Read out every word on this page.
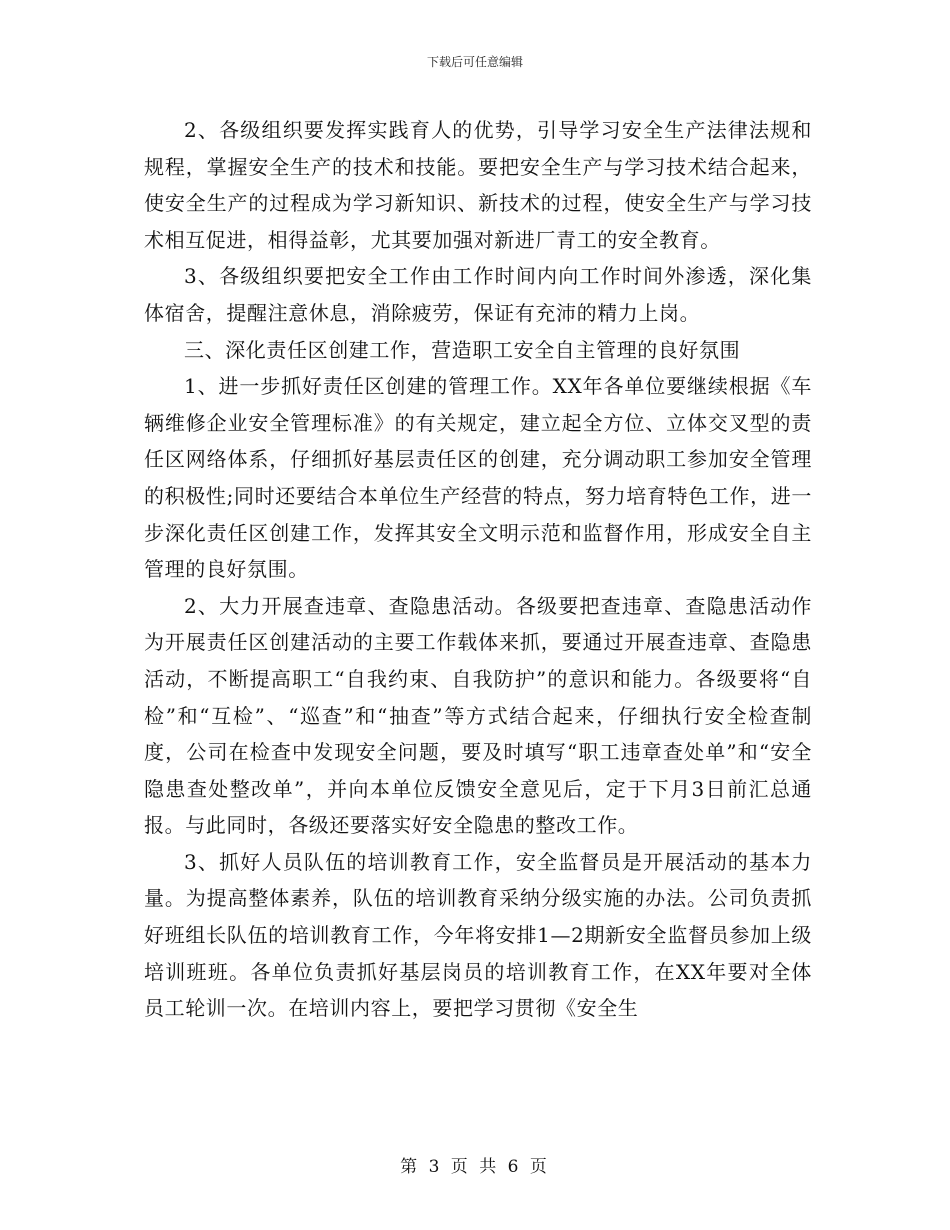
下载后可任意编辑

2、各级组织要发挥实践育人的优势，引导学习安全生产法律法规和规程，掌握安全生产的技术和技能。要把安全生产与学习技术结合起来，使安全生产的过程成为学习新知识、新技术的过程，使安全生产与学习技术相互促进，相得益彰，尤其要加强对新进厂青工的安全教育。

3、各级组织要把安全工作由工作时间内向工作时间外渗透，深化集体宿舍，提醒注意休息，消除疲劳，保证有充沛的精力上岗。

三、深化责任区创建工作，营造职工安全自主管理的良好氛围

1、进一步抓好责任区创建的管理工作。XX年各单位要继续根据《车辆维修企业安全管理标准》的有关规定，建立起全方位、立体交叉型的责任区网络体系，仔细抓好基层责任区的创建，充分调动职工参加安全管理的积极性;同时还要结合本单位生产经营的特点，努力培育特色工作，进一步深化责任区创建工作，发挥其安全文明示范和监督作用，形成安全自主管理的良好氛围。

2、大力开展查违章、查隐患活动。各级要把查违章、查隐患活动作为开展责任区创建活动的主要工作载体来抓，要通过开展查违章、查隐患活动，不断提高职工“自我约束、自我防护”的意识和能力。各级要将“自检”和“互检”、“巡查”和“抽查”等方式结合起来，仔细执行安全检查制度，公司在检查中发现安全问题，要及时填写“职工违章查处单”和“安全隐患查处整改单”，并向本单位反馈安全意见后，定于下月3日前汇总通报。与此同时，各级还要落实好安全隐患的整改工作。

3、抓好人员队伍的培训教育工作，安全监督员是开展活动的基本力量。为提高整体素养，队伍的培训教育采纳分级实施的办法。公司负责抓好班组长队伍的培训教育工作，今年将安排1—2期新安全监督员参加上级培训班班。各单位负责抓好基层岗员的培训教育工作，在XX年要对全体员工轮训一次。在培训内容上，要把学习贯彻《安全生

第 3 页 共 6 页
